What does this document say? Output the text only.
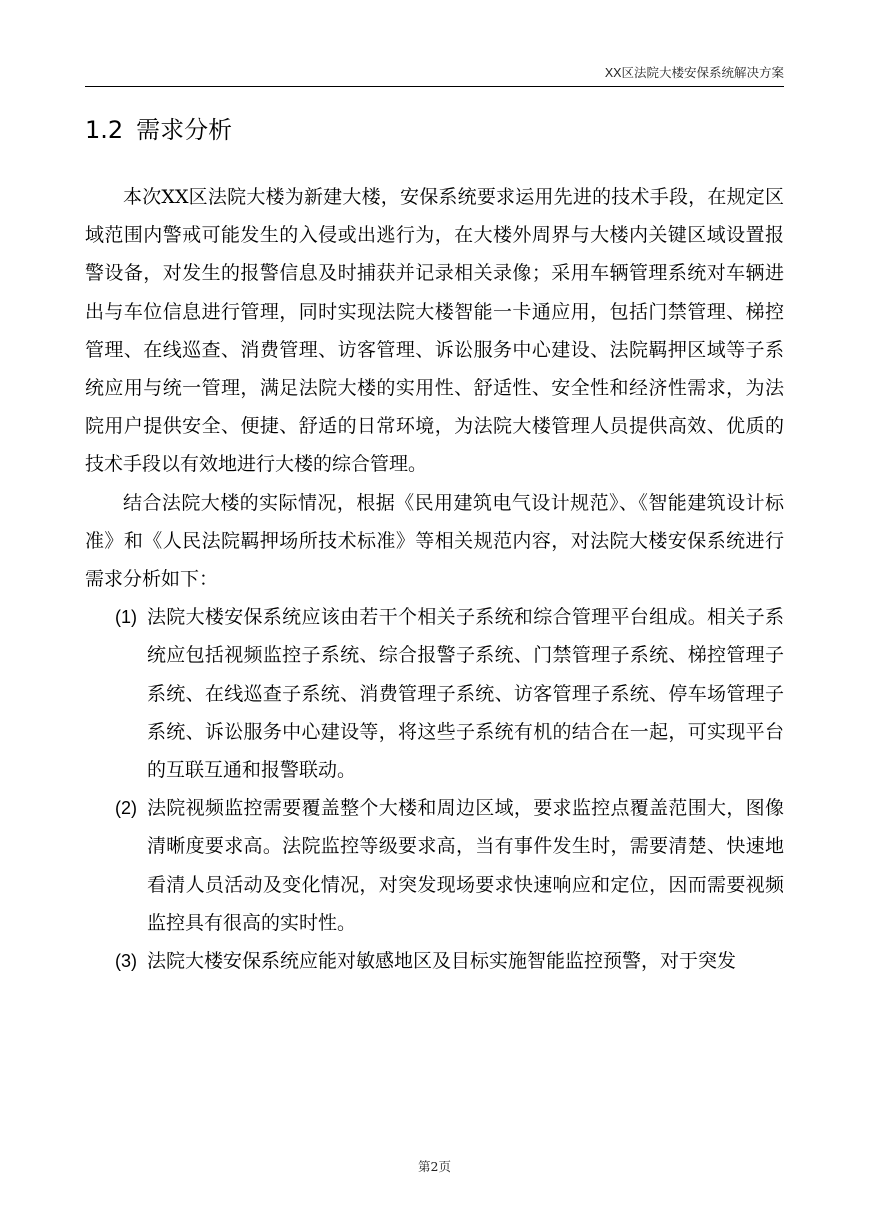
XX区法院大楼安保系统解决方案
1.2 需求分析

本次XX区法院大楼为新建大楼，安保系统要求运用先进的技术手段，在规定区域范围内警戒可能发生的入侵或出逃行为，在大楼外周界与大楼内关键区域设置报警设备，对发生的报警信息及时捕获并记录相关录像；采用车辆管理系统对车辆进出与车位信息进行管理，同时实现法院大楼智能一卡通应用，包括门禁管理、梯控管理、在线巡查、消费管理、访客管理、诉讼服务中心建设、法院羁押区域等子系统应用与统一管理，满足法院大楼的实用性、舒适性、安全性和经济性需求，为法院用户提供安全、便捷、舒适的日常环境，为法院大楼管理人员提供高效、优质的技术手段以有效地进行大楼的综合管理。

结合法院大楼的实际情况，根据《民用建筑电气设计规范》、《智能建筑设计标准》和《人民法院羁押场所技术标准》等相关规范内容，对法院大楼安保系统进行需求分析如下：

(1) 法院大楼安保系统应该由若干个相关子系统和综合管理平台组成。相关子系统应包括视频监控子系统、综合报警子系统、门禁管理子系统、梯控管理子系统、在线巡查子系统、消费管理子系统、访客管理子系统、停车场管理子系统、诉讼服务中心建设等，将这些子系统有机的结合在一起，可实现平台的互联互通和报警联动。
(2) 法院视频监控需要覆盖整个大楼和周边区域，要求监控点覆盖范围大，图像清晰度要求高。法院监控等级要求高，当有事件发生时，需要清楚、快速地看清人员活动及变化情况，对突发现场要求快速响应和定位，因而需要视频监控具有很高的实时性。
(3) 法院大楼安保系统应能对敏感地区及目标实施智能监控预警，对于突发
第2页
